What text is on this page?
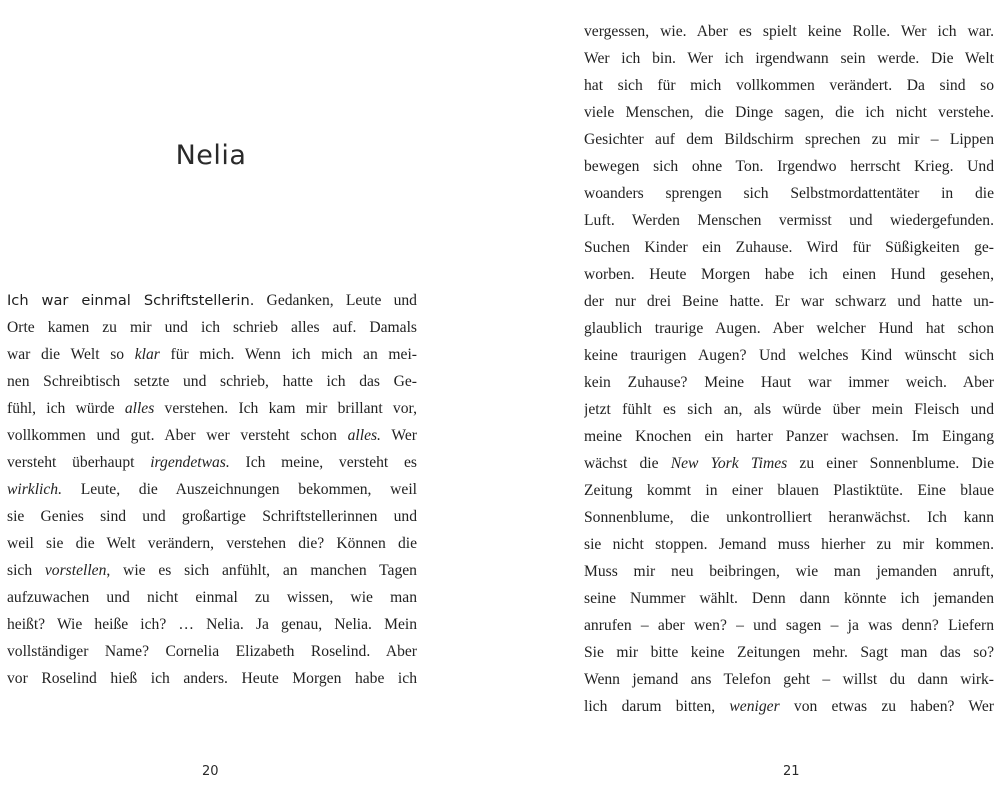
Nelia
Ich war einmal Schriftstellerin. Gedanken, Leute und
Orte kamen zu mir und ich schrieb alles auf. Damals
war die Welt so klar für mich. Wenn ich mich an mei-
nen Schreibtisch setzte und schrieb, hatte ich das Ge-
fühl, ich würde alles verstehen. Ich kam mir brillant vor,
vollkommen und gut. Aber wer versteht schon alles. Wer
versteht überhaupt irgendetwas. Ich meine, versteht es
wirklich. Leute, die Auszeichnungen bekommen, weil
sie Genies sind und großartige Schriftstellerinnen und
weil sie die Welt verändern, verstehen die? Können die
sich vorstellen, wie es sich anfühlt, an manchen Tagen
aufzuwachen und nicht einmal zu wissen, wie man
heißt? Wie heiße ich? … Nelia. Ja genau, Nelia. Mein
vollständiger Name? Cornelia Elizabeth Roselind. Aber
vor Roselind hieß ich anders. Heute Morgen habe ich
20
vergessen, wie. Aber es spielt keine Rolle. Wer ich war.
Wer ich bin. Wer ich irgendwann sein werde. Die Welt
hat sich für mich vollkommen verändert. Da sind so
viele Menschen, die Dinge sagen, die ich nicht verstehe.
Gesichter auf dem Bildschirm sprechen zu mir – Lippen
bewegen sich ohne Ton. Irgendwo herrscht Krieg. Und
woanders sprengen sich Selbstmordattentäter in die
Luft. Werden Menschen vermisst und wiedergefunden.
Suchen Kinder ein Zuhause. Wird für Süßigkeiten ge-
worben. Heute Morgen habe ich einen Hund gesehen,
der nur drei Beine hatte. Er war schwarz und hatte un-
glaublich traurige Augen. Aber welcher Hund hat schon
keine traurigen Augen? Und welches Kind wünscht sich
kein Zuhause? Meine Haut war immer weich. Aber
jetzt fühlt es sich an, als würde über mein Fleisch und
meine Knochen ein harter Panzer wachsen. Im Eingang
wächst die New York Times zu einer Sonnenblume. Die
Zeitung kommt in einer blauen Plastiktüte. Eine blaue
Sonnenblume, die unkontrolliert heranwächst. Ich kann
sie nicht stoppen. Jemand muss hierher zu mir kommen.
Muss mir neu beibringen, wie man jemanden anruft,
seine Nummer wählt. Denn dann könnte ich jemanden
anrufen – aber wen? – und sagen – ja was denn? Liefern
Sie mir bitte keine Zeitungen mehr. Sagt man das so?
Wenn jemand ans Telefon geht – willst du dann wirk-
lich darum bitten, weniger von etwas zu haben? Wer
21
